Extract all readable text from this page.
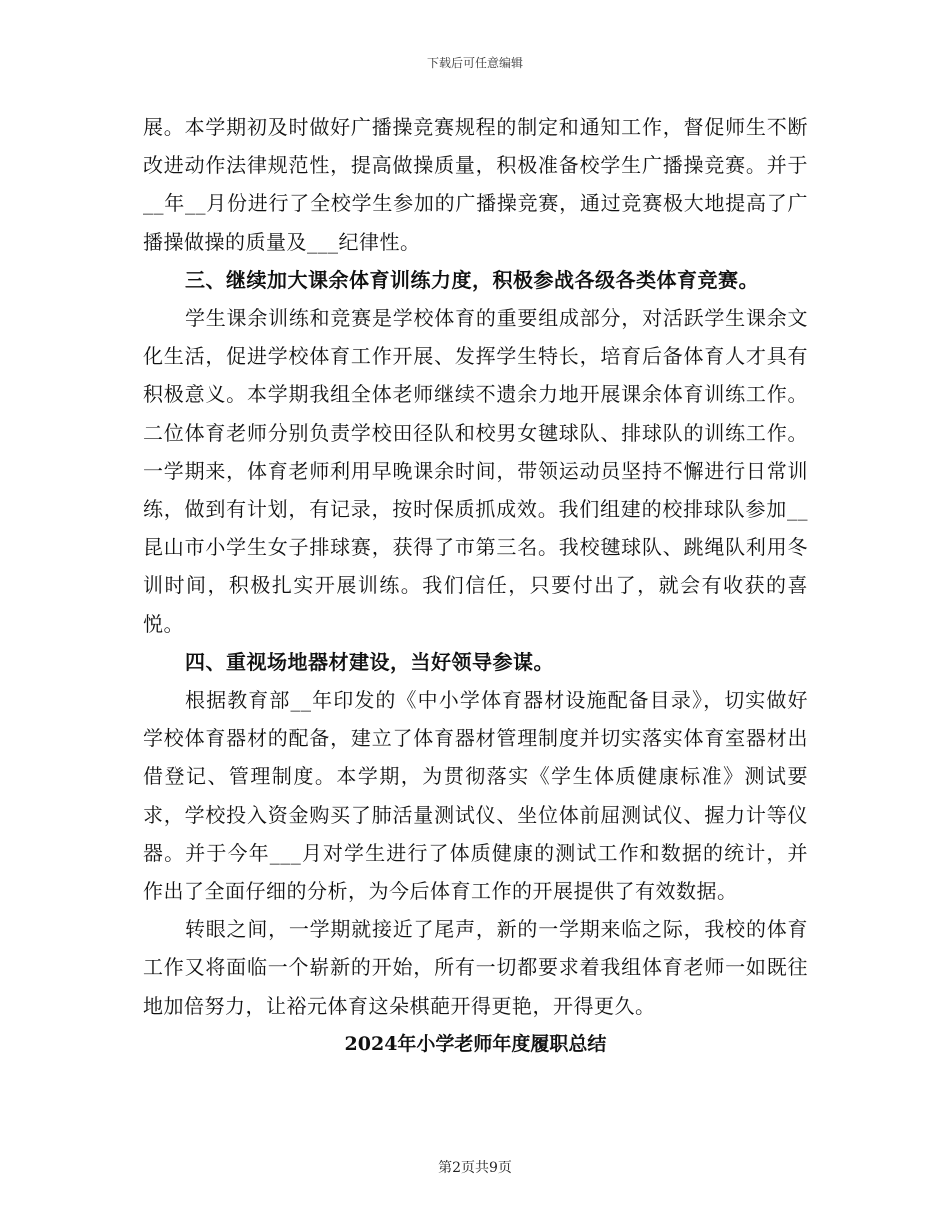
下载后可任意编辑

展。本学期初及时做好广播操竞赛规程的制定和通知工作，督促师生不断改进动作法律规范性，提高做操质量，积极准备校学生广播操竞赛。并于__年__月份进行了全校学生参加的广播操竞赛，通过竞赛极大地提高了广播操做操的质量及___纪律性。

三、继续加大课余体育训练力度，积极参战各级各类体育竞赛。

学生课余训练和竞赛是学校体育的重要组成部分，对活跃学生课余文化生活，促进学校体育工作开展、发挥学生特长，培育后备体育人才具有积极意义。本学期我组全体老师继续不遗余力地开展课余体育训练工作。二位体育老师分别负责学校田径队和校男女毽球队、排球队的训练工作。一学期来，体育老师利用早晚课余时间，带领运动员坚持不懈进行日常训练，做到有计划，有记录，按时保质抓成效。我们组建的校排球队参加__昆山市小学生女子排球赛，获得了市第三名。我校毽球队、跳绳队利用冬训时间，积极扎实开展训练。我们信任，只要付出了，就会有收获的喜悦。

四、重视场地器材建设，当好领导参谋。

根据教育部__年印发的《中小学体育器材设施配备目录》，切实做好学校体育器材的配备，建立了体育器材管理制度并切实落实体育室器材出借登记、管理制度。本学期，为贯彻落实《学生体质健康标准》测试要求，学校投入资金购买了肺活量测试仪、坐位体前屈测试仪、握力计等仪器。并于今年___月对学生进行了体质健康的测试工作和数据的统计，并作出了全面仔细的分析，为今后体育工作的开展提供了有效数据。

转眼之间，一学期就接近了尾声，新的一学期来临之际，我校的体育工作又将面临一个崭新的开始，所有一切都要求着我组体育老师一如既往地加倍努力，让裕元体育这朵棋葩开得更艳，开得更久。

2024年小学老师年度履职总结

第2页共9页
